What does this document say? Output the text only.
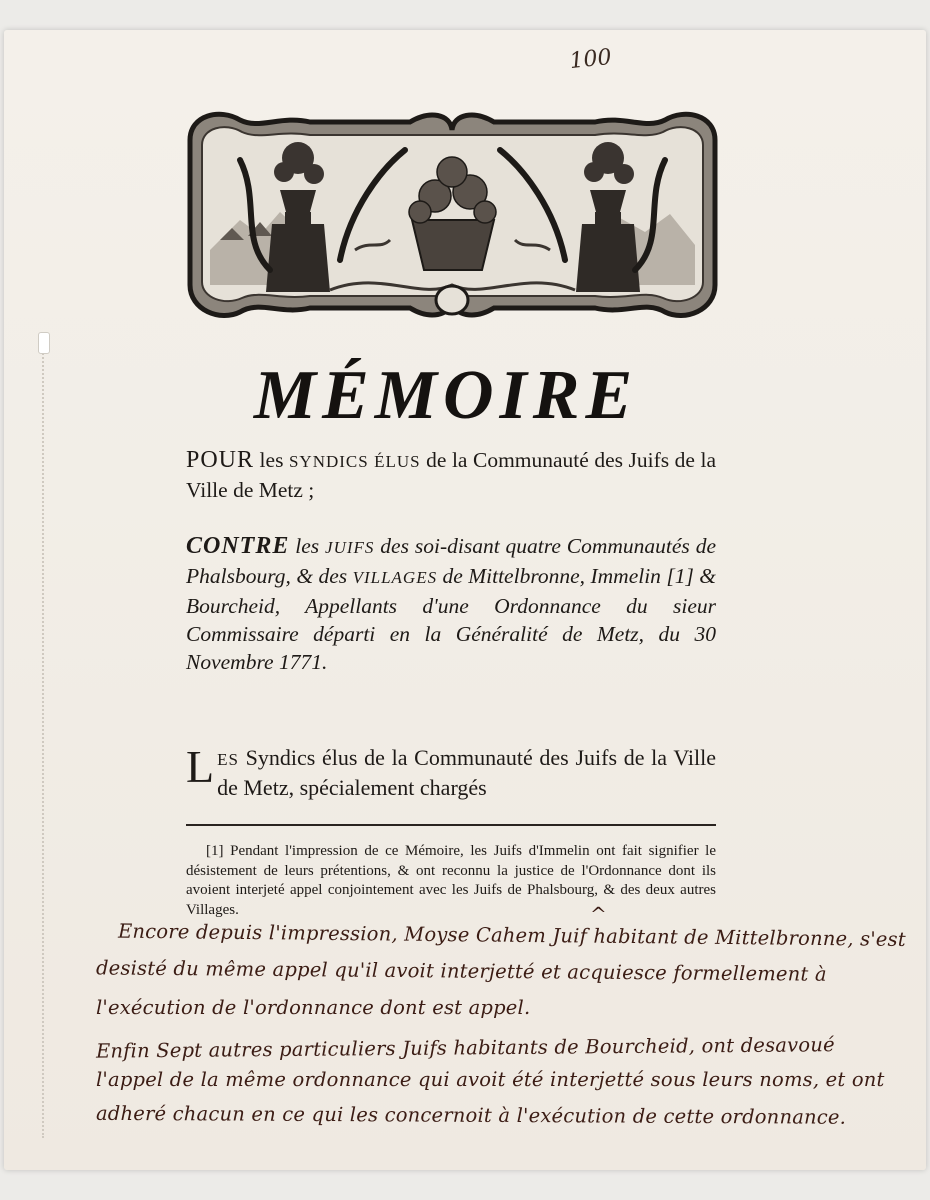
100
MÉMOIRE
POUR les SYNDICS ÉLUS de la Communauté des Juifs de la Ville de Metz ;
CONTRE les JUIFS des soi-disant quatre Communautés de Phalsbourg, & des VILLAGES de Mittelbronne, Immelin [1] & Bourcheid, Appellants d'une Ordonnance du sieur Commissaire départi en la Généralité de Metz, du 30 Novembre 1771.
LES Syndics élus de la Communauté des Juifs de la Ville de Metz, spécialement chargés
[1] Pendant l'impression de ce Mémoire, les Juifs d'Immelin ont fait signifier le désistement de leurs prétentions, & ont reconnu la justice de l'Ordonnance dont ils avoient interjeté appel conjointement avec les Juifs de Phalsbourg, & des deux autres Villages.	^
Encore depuis l'impression, Moyse Cahem Juif habitant de Mittelbronne, s'est
desisté du même appel qu'il avoit interjetté et acquiesce formellement à
l'exécution de l'ordonnance dont est appel.
Enfin Sept autres particuliers Juifs habitants de Bourcheid, ont desavoué
l'appel de la même ordonnance qui avoit été interjetté sous leurs noms, et ont
adheré chacun en ce qui les concernoit à l'exécution de cette ordonnance.
